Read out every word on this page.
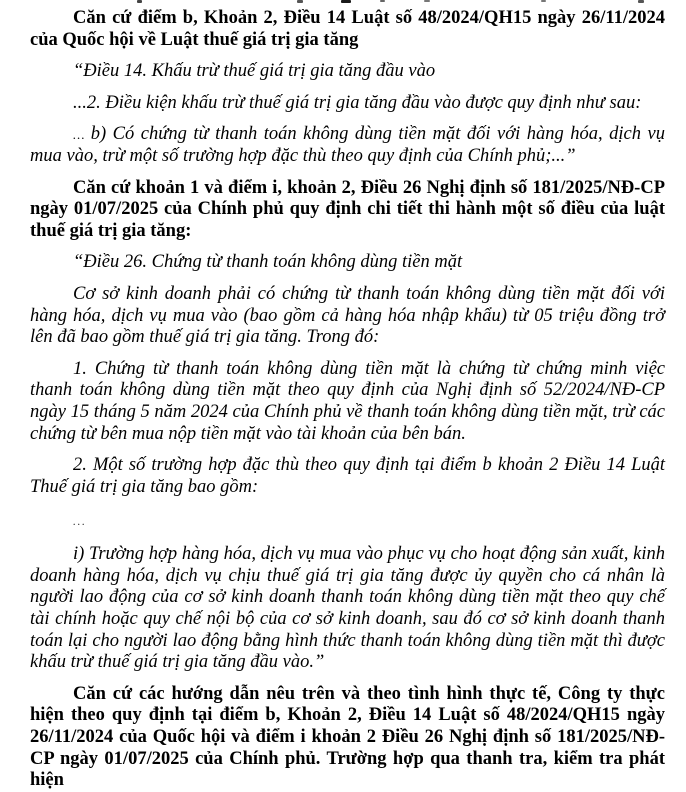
Căn cứ điểm b, Khoản 2, Điều 14 Luật số 48/2024/QH15 ngày 26/11/2024 của Quốc hội về Luật thuế giá trị gia tăng

“Điều 14. Khấu trừ thuế giá trị gia tăng đầu vào

...2. Điều kiện khấu trừ thuế giá trị gia tăng đầu vào được quy định như sau:

... b) Có chứng từ thanh toán không dùng tiền mặt đối với hàng hóa, dịch vụ mua vào, trừ một số trường hợp đặc thù theo quy định của Chính phủ;...”

Căn cứ khoản 1 và điểm i, khoản 2, Điều 26 Nghị định số 181/2025/NĐ-CP ngày 01/07/2025 của Chính phủ quy định chi tiết thi hành một số điều của luật thuế giá trị gia tăng:

“Điều 26. Chứng từ thanh toán không dùng tiền mặt

Cơ sở kinh doanh phải có chứng từ thanh toán không dùng tiền mặt đối với hàng hóa, dịch vụ mua vào (bao gồm cả hàng hóa nhập khẩu) từ 05 triệu đồng trở lên đã bao gồm thuế giá trị gia tăng. Trong đó:

1. Chứng từ thanh toán không dùng tiền mặt là chứng từ chứng minh việc thanh toán không dùng tiền mặt theo quy định của Nghị định số 52/2024/NĐ-CP ngày 15 tháng 5 năm 2024 của Chính phủ về thanh toán không dùng tiền mặt, trừ các chứng từ bên mua nộp tiền mặt vào tài khoản của bên bán.

2. Một số trường hợp đặc thù theo quy định tại điểm b khoản 2 Điều 14 Luật Thuế giá trị gia tăng bao gồm:

...

i) Trường hợp hàng hóa, dịch vụ mua vào phục vụ cho hoạt động sản xuất, kinh doanh hàng hóa, dịch vụ chịu thuế giá trị gia tăng được ủy quyền cho cá nhân là người lao động của cơ sở kinh doanh thanh toán không dùng tiền mặt theo quy chế tài chính hoặc quy chế nội bộ của cơ sở kinh doanh, sau đó cơ sở kinh doanh thanh toán lại cho người lao động bằng hình thức thanh toán không dùng tiền mặt thì được khấu trừ thuế giá trị gia tăng đầu vào.”

Căn cứ các hướng dẫn nêu trên và theo tình hình thực tế, Công ty thực hiện theo quy định tại điểm b, Khoản 2, Điều 14 Luật số 48/2024/QH15 ngày 26/11/2024 của Quốc hội và điểm i khoản 2 Điều 26 Nghị định số 181/2025/NĐ-CP ngày 01/07/2025 của Chính phủ. Trường hợp qua thanh tra, kiểm tra phát hiện
